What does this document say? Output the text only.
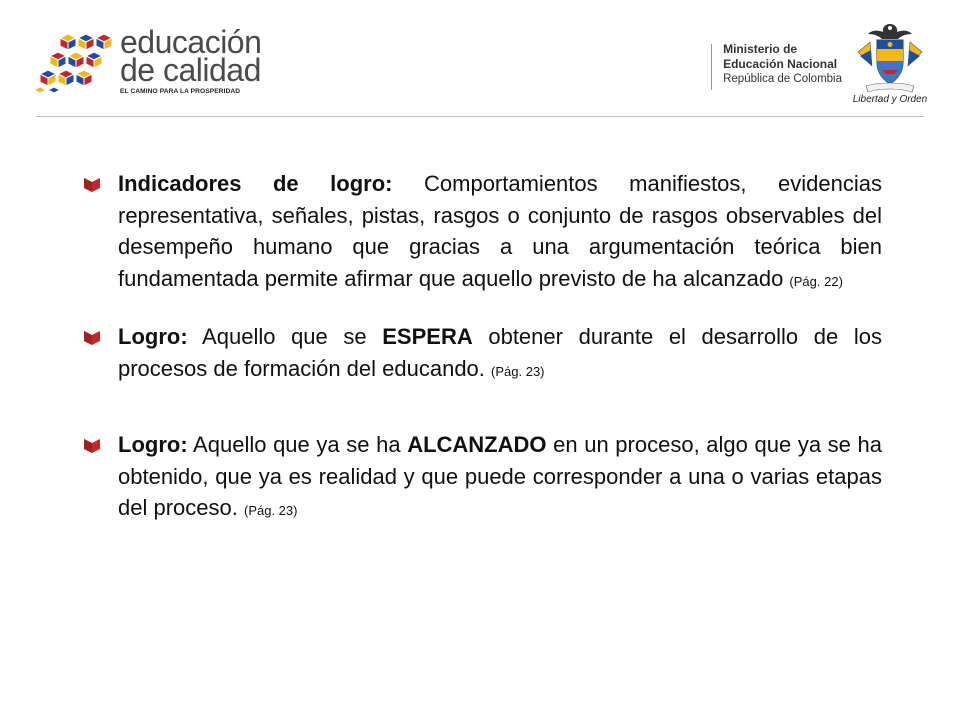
educación
de calidad
EL CAMINO PARA LA PROSPERIDAD
Ministerio de
Educación Nacional
República de Colombia
Libertad y Orden
Indicadores de logro: Comportamientos manifiestos, evidencias representativa, señales, pistas, rasgos o conjunto de rasgos observables del desempeño humano que gracias a una argumentación teórica bien fundamentada permite afirmar que aquello previsto de ha alcanzado (Pág. 22)
Logro: Aquello que se ESPERA obtener durante el desarrollo de los procesos de formación del educando. (Pág. 23)
Logro: Aquello que ya se ha ALCANZADO en un proceso, algo que ya se ha obtenido, que ya es realidad y que puede corresponder a una o varias etapas del proceso. (Pág. 23)
